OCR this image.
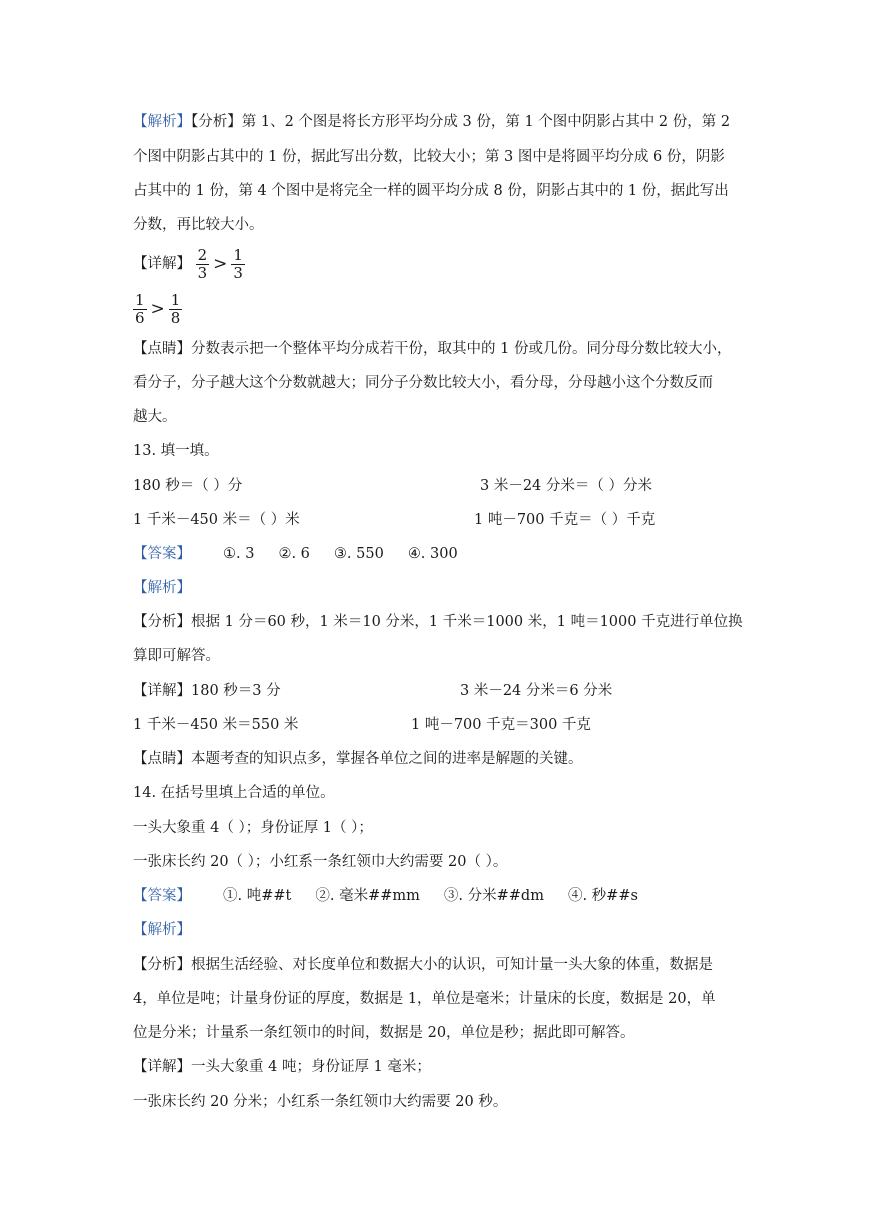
【解析】【分析】第 1、2 个图是将长方形平均分成 3 份，第 1 个图中阴影占其中 2 份，第 2
个图中阴影占其中的 1 份，据此写出分数，比较大小；第 3 图中是将圆平均分成 6 份，阴影
占其中的 1 份，第 4 个图中是将完全一样的圆平均分成 8 份，阴影占其中的 1 份，据此写出
分数，再比较大小。
【详解】 $\frac{2}{3} > \frac{1}{3}$
$\frac{1}{6} > \frac{1}{8}$
【点睛】分数表示把一个整体平均分成若干份，取其中的 1 份或几份。同分母分数比较大小，
看分子，分子越大这个分数就越大；同分子分数比较大小，看分母，分母越小这个分数反而
越大。
13. 填一填。
180 秒＝（ ）分	3 米－24 分米＝（ ）分米
1 千米－450 米＝（ ）米	1 吨－700 千克＝（ ）千克
【答案】 ①. 3 ②. 6 ③. 550 ④. 300
【解析】
【分析】根据 1 分＝60 秒，1 米＝10 分米，1 千米＝1000 米，1 吨＝1000 千克进行单位换
算即可解答。
【详解】180 秒＝3 分	3 米－24 分米＝6 分米
1 千米－450 米＝550 米	1 吨－700 千克＝300 千克
【点睛】本题考查的知识点多，掌握各单位之间的进率是解题的关键。
14. 在括号里填上合适的单位。
一头大象重 4（ ）；身份证厚 1（ ）；
一张床长约 20（ ）；小红系一条红领巾大约需要 20（ ）。
【答案】 ①. 吨##t ②. 毫米##mm ③. 分米##dm ④. 秒##s
【解析】
【分析】根据生活经验、对长度单位和数据大小的认识，可知计量一头大象的体重，数据是
4，单位是吨；计量身份证的厚度，数据是 1，单位是毫米；计量床的长度，数据是 20，单
位是分米；计量系一条红领巾的时间，数据是 20，单位是秒；据此即可解答。
【详解】一头大象重 4 吨；身份证厚 1 毫米；
一张床长约 20 分米；小红系一条红领巾大约需要 20 秒。
